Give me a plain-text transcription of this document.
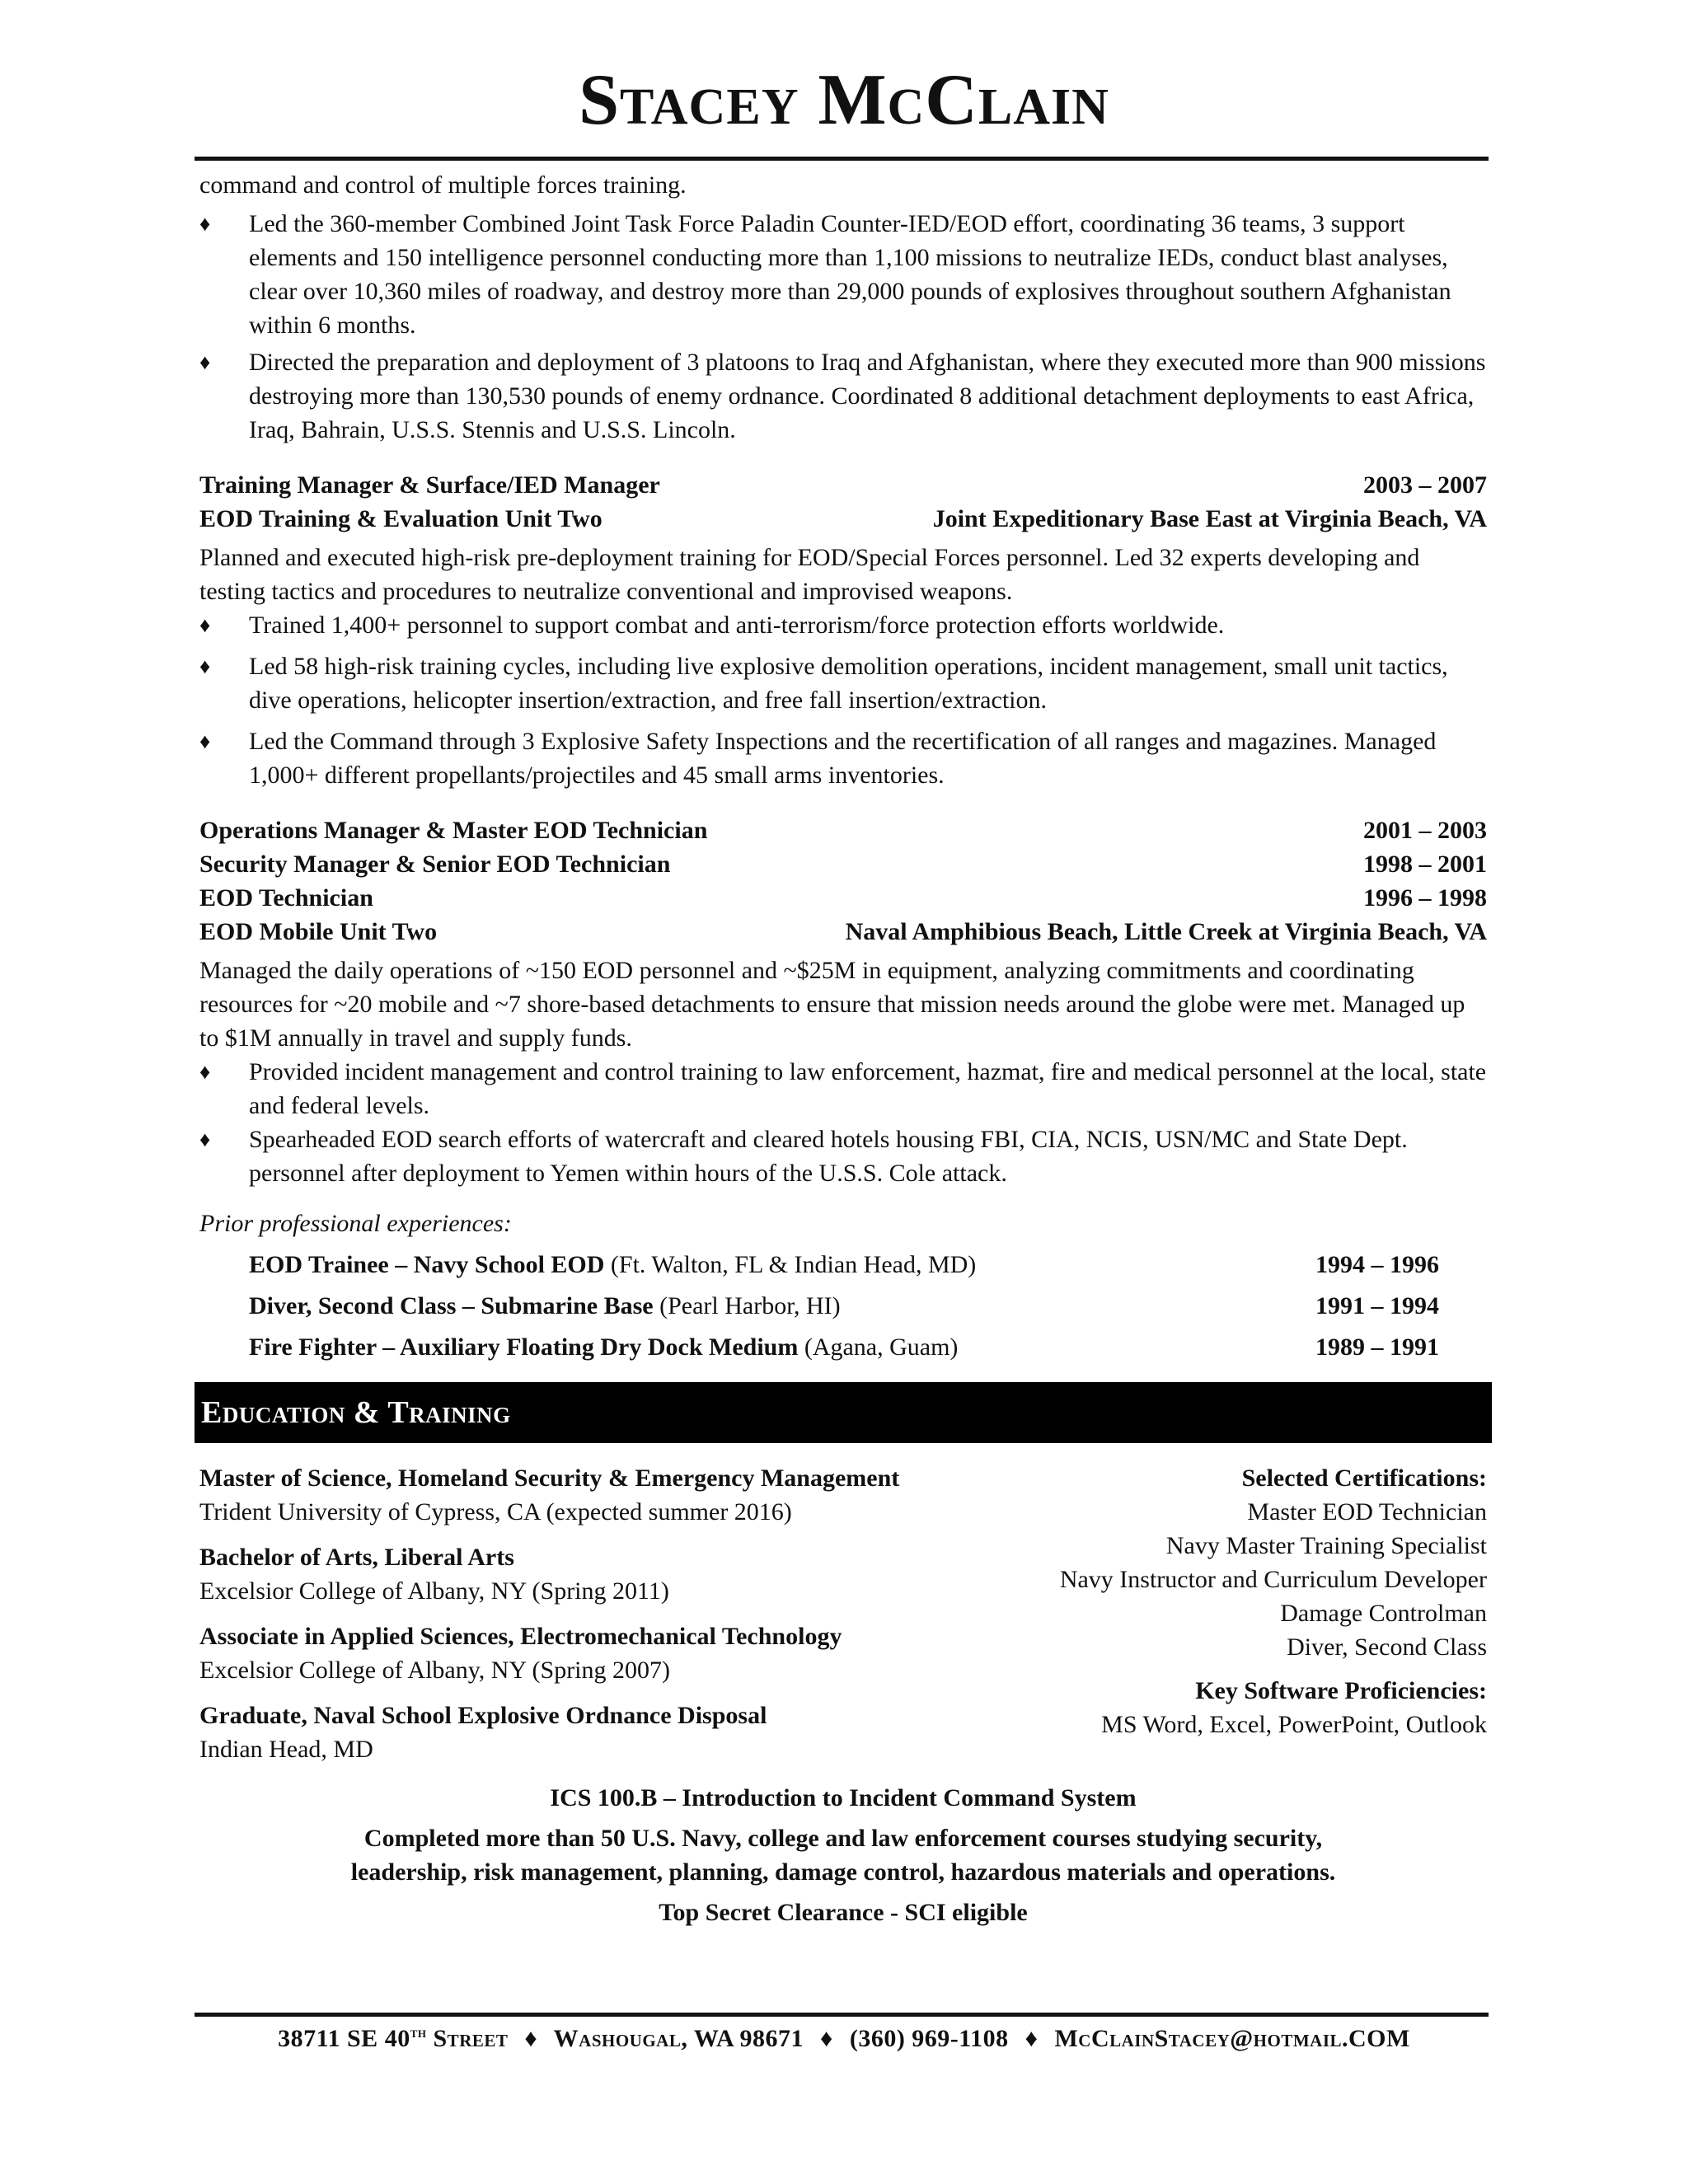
Stacey McClain

command and control of multiple forces training.

♦ Led the 360-member Combined Joint Task Force Paladin Counter-IED/EOD effort, coordinating 36 teams, 3 support elements and 150 intelligence personnel conducting more than 1,100 missions to neutralize IEDs, conduct blast analyses, clear over 10,360 miles of roadway, and destroy more than 29,000 pounds of explosives throughout southern Afghanistan within 6 months.
♦ Directed the preparation and deployment of 3 platoons to Iraq and Afghanistan, where they executed more than 900 missions destroying more than 130,530 pounds of enemy ordnance. Coordinated 8 additional detachment deployments to east Africa, Iraq, Bahrain, U.S.S. Stennis and U.S.S. Lincoln.
Training Manager & Surface/IED Manager	2003 – 2007
EOD Training & Evaluation Unit Two	Joint Expeditionary Base East at Virginia Beach, VA

Planned and executed high-risk pre-deployment training for EOD/Special Forces personnel. Led 32 experts developing and testing tactics and procedures to neutralize conventional and improvised weapons.

♦ Trained 1,400+ personnel to support combat and anti-terrorism/force protection efforts worldwide.
♦ Led 58 high-risk training cycles, including live explosive demolition operations, incident management, small unit tactics, dive operations, helicopter insertion/extraction, and free fall insertion/extraction.
♦ Led the Command through 3 Explosive Safety Inspections and the recertification of all ranges and magazines. Managed 1,000+ different propellants/projectiles and 45 small arms inventories.
Operations Manager & Master EOD Technician	2001 – 2003
Security Manager & Senior EOD Technician	1998 – 2001
EOD Technician	1996 – 1998
EOD Mobile Unit Two	Naval Amphibious Beach, Little Creek at Virginia Beach, VA

Managed the daily operations of ~150 EOD personnel and ~$25M in equipment, analyzing commitments and coordinating resources for ~20 mobile and ~7 shore-based detachments to ensure that mission needs around the globe were met. Managed up to $1M annually in travel and supply funds.

♦ Provided incident management and control training to law enforcement, hazmat, fire and medical personnel at the local, state and federal levels.
♦ Spearheaded EOD search efforts of watercraft and cleared hotels housing FBI, CIA, NCIS, USN/MC and State Dept. personnel after deployment to Yemen within hours of the U.S.S. Cole attack.

Prior professional experiences:

EOD Trainee – Navy School EOD (Ft. Walton, FL & Indian Head, MD)	1994 – 1996
Diver, Second Class – Submarine Base (Pearl Harbor, HI)	1991 – 1994
Fire Fighter – Auxiliary Floating Dry Dock Medium (Agana, Guam)	1989 – 1991
Education & Training
Master of Science, Homeland Security & Emergency Management
Trident University of Cypress, CA (expected summer 2016)
Bachelor of Arts, Liberal Arts
Excelsior College of Albany, NY (Spring 2011)
Associate in Applied Sciences, Electromechanical Technology
Excelsior College of Albany, NY (Spring 2007)
Graduate, Naval School Explosive Ordnance Disposal
Indian Head, MD
Selected Certifications:
Master EOD Technician
Navy Master Training Specialist
Navy Instructor and Curriculum Developer
Damage Controlman
Diver, Second Class
Key Software Proficiencies:
MS Word, Excel, PowerPoint, Outlook
ICS 100.B – Introduction to Incident Command System
Completed more than 50 U.S. Navy, college and law enforcement courses studying security,
leadership, risk management, planning, damage control, hazardous materials and operations.
Top Secret Clearance - SCI eligible
38711 SE 40th Street ♦ Washougal, WA 98671 ♦ (360) 969-1108 ♦ McClainStacey@hotmail.COM
